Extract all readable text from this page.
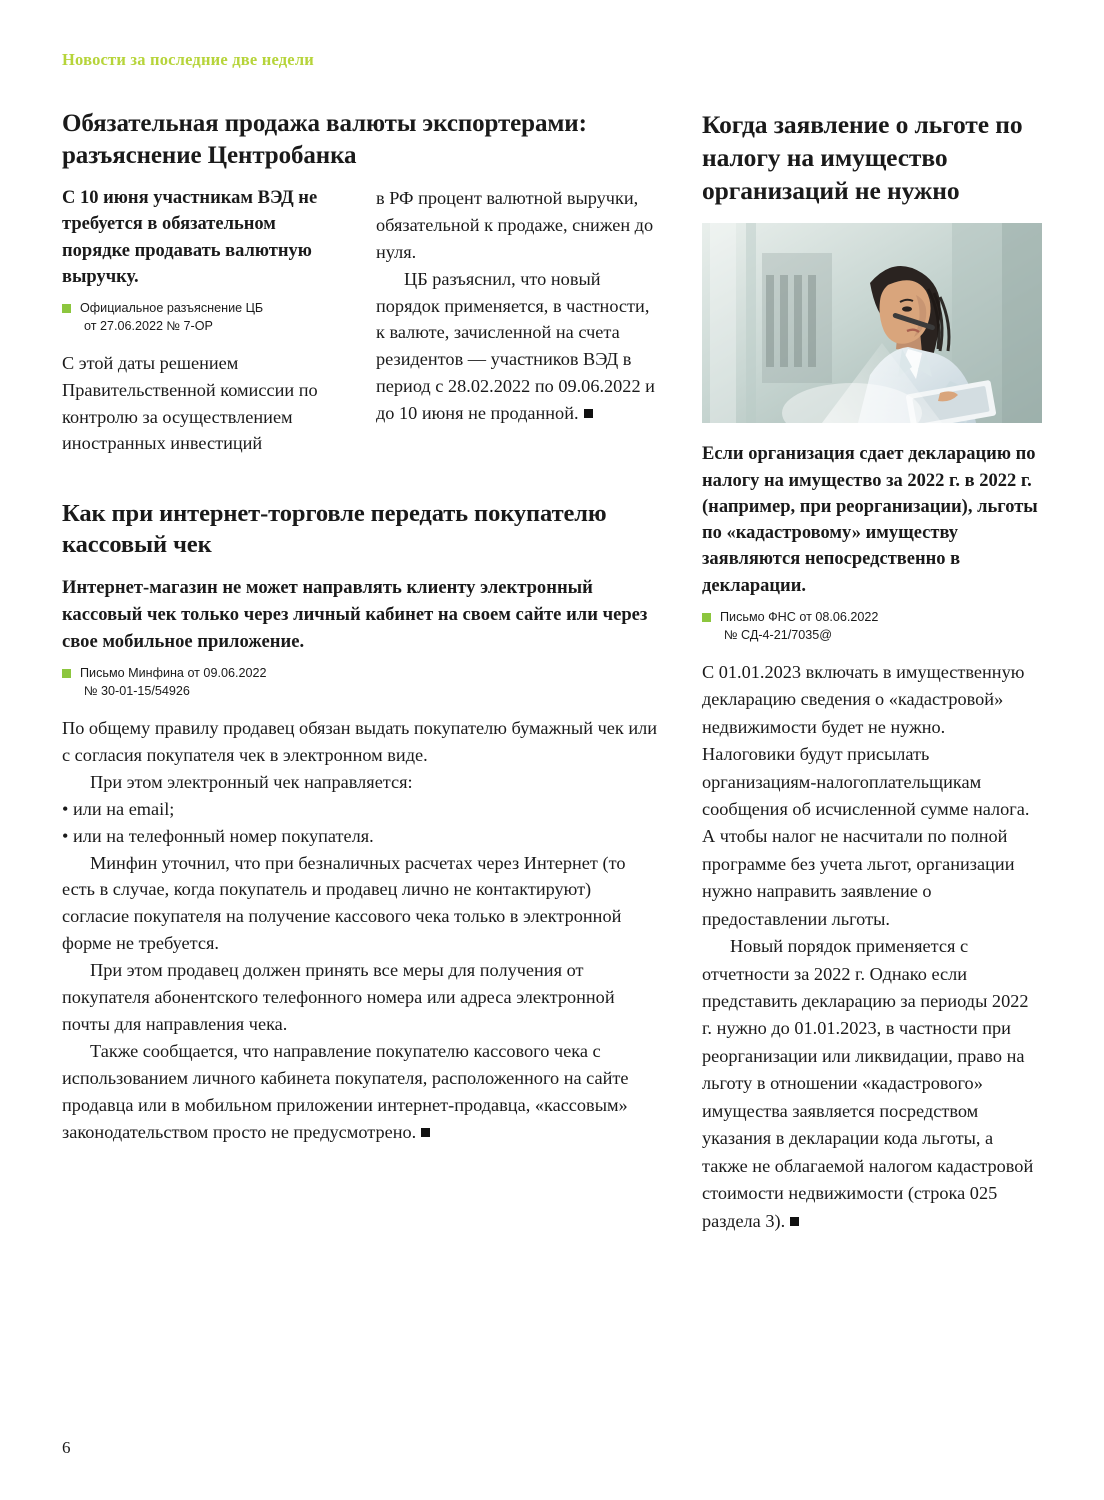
Новости за последние две недели
Обязательная продажа валюты экспортерами: разъяснение Центробанка

С 10 июня участникам ВЭД не требуется в обязательном порядке продавать валютную выручку.

Официальное разъяснение ЦБ
от 27.06.2022 № 7-ОР

С этой даты решением Правительственной комиссии по контролю за осуществлением иностранных инвестиций

в РФ процент валютной выручки, обязательной к продаже, снижен до нуля.

ЦБ разъяснил, что новый порядок применяется, в частности, к валюте, зачисленной на счета резидентов — участников ВЭД в период с 28.02.2022 по 09.06.2022 и до 10 июня не проданной.

Как при интернет-торговле передать покупателю кассовый чек

Интернет-магазин не может направлять клиенту электронный кассовый чек только через личный кабинет на своем сайте или через свое мобильное приложение.

Письмо Минфина от 09.06.2022
№ 30-01-15/54926

По общему правилу продавец обязан выдать покупателю бумажный чек или с согласия покупателя чек в электронном виде.

При этом электронный чек направляется:

• или на email;

• или на телефонный номер покупателя.

Минфин уточнил, что при безналичных расчетах через Интернет (то есть в случае, когда покупатель и продавец лично не контактируют) согласие покупателя на получение кассового чека только в электронной форме не требуется.

При этом продавец должен принять все меры для получения от покупателя абонентского телефонного номера или адреса электронной почты для направления чека.

Также сообщается, что направление покупателю кассового чека с использованием личного кабинета покупателя, расположенного на сайте продавца или в мобильном приложении интернет-продавца, «кассовым» законодательством просто не предусмотрено.

Когда заявление о льготе по налогу на имущество организаций не нужно

Если организация сдает декларацию по налогу на имущество за 2022 г. в 2022 г. (например, при реорганизации), льготы по «кадастровому» имуществу заявляются непосредственно в декларации.

Письмо ФНС от 08.06.2022
№ СД-4-21/7035@

С 01.01.2023 включать в имущественную декларацию сведения о «кадастровой» недвижимости будет не нужно. Налоговики будут присылать организациям-налогоплательщикам сообщения об исчисленной сумме налога. А чтобы налог не насчитали по полной программе без учета льгот, организации нужно направить заявление о предоставлении льготы.

Новый порядок применяется с отчетности за 2022 г. Однако если представить декларацию за периоды 2022 г. нужно до 01.01.2023, в частности при реорганизации или ликвидации, право на льготу в отношении «кадастрового» имущества заявляется посредством указания в декларации кода льготы, а также не облагаемой налогом кадастровой стоимости недвижимости (строка 025 раздела 3).

6
